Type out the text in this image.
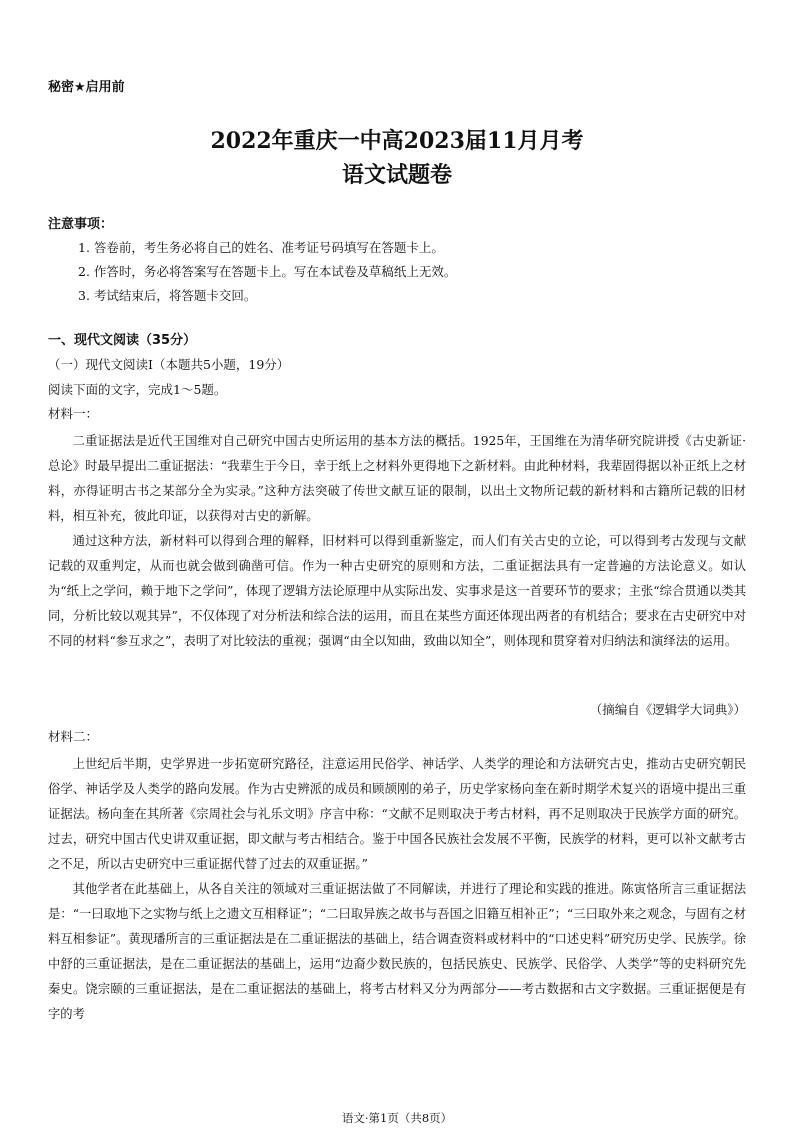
秘密★启用前
2022年重庆一中高2023届11月月考
语文试题卷
注意事项：
1. 答卷前，考生务必将自己的姓名、准考证号码填写在答题卡上。
2. 作答时，务必将答案写在答题卡上。写在本试卷及草稿纸上无效。
3. 考试结束后，将答题卡交回。
一、现代文阅读（35分）
（一）现代文阅读Ⅰ（本题共5小题，19分）
阅读下面的文字，完成1～5题。
材料一：

二重证据法是近代王国维对自己研究中国古史所运用的基本方法的概括。1925年，王国维在为清华研究院讲授《古史新证·总论》时最早提出二重证据法：“我辈生于今日，幸于纸上之材料外更得地下之新材料。由此种材料，我辈固得据以补正纸上之材料，亦得证明古书之某部分全为实录。”这种方法突破了传世文献互证的限制，以出土文物所记载的新材料和古籍所记载的旧材料，相互补充，彼此印证，以获得对古史的新解。

通过这种方法，新材料可以得到合理的解释，旧材料可以得到重新鉴定，而人们有关古史的立论，可以得到考古发现与文献记载的双重判定，从而也就会做到确凿可信。作为一种古史研究的原则和方法，二重证据法具有一定普遍的方法论意义。如认为“纸上之学问，赖于地下之学问”，体现了逻辑方法论原理中从实际出发、实事求是这一首要环节的要求；主张“综合贯通以类其同，分析比较以观其异”，不仅体现了对分析法和综合法的运用，而且在某些方面还体现出两者的有机结合；要求在古史研究中对不同的材料“参互求之”，表明了对比较法的重视；强调“由全以知曲，致曲以知全”，则体现和贯穿着对归纳法和演绎法的运用。

（摘编自《逻辑学大词典》）
材料二：

上世纪后半期，史学界进一步拓宽研究路径，注意运用民俗学、神话学、人类学的理论和方法研究古史，推动古史研究朝民俗学、神话学及人类学的路向发展。作为古史辨派的成员和顾颉刚的弟子，历史学家杨向奎在新时期学术复兴的语境中提出三重证据法。杨向奎在其所著《宗周社会与礼乐文明》序言中称：“文献不足则取决于考古材料，再不足则取决于民族学方面的研究。过去，研究中国古代史讲双重证据，即文献与考古相结合。鉴于中国各民族社会发展不平衡，民族学的材料，更可以补文献考古之不足，所以古史研究中三重证据代替了过去的双重证据。”

其他学者在此基础上，从各自关注的领域对三重证据法做了不同解读，并进行了理论和实践的推进。陈寅恪所言三重证据法是：“一曰取地下之实物与纸上之遗文互相释证”；“二曰取异族之故书与吾国之旧籍互相补正”；“三曰取外来之观念，与固有之材料互相参证”。黄现璠所言的三重证据法是在二重证据法的基础上，结合调查资料或材料中的“口述史料”研究历史学、民族学。徐中舒的三重证据法，是在二重证据法的基础上，运用“边裔少数民族的，包括民族史、民族学、民俗学、人类学”等的史料研究先秦史。饶宗颐的三重证据法，是在二重证据法的基础上，将考古材料又分为两部分——考古数据和古文字数据。三重证据便是有字的考

语文·第1页（共8页）
